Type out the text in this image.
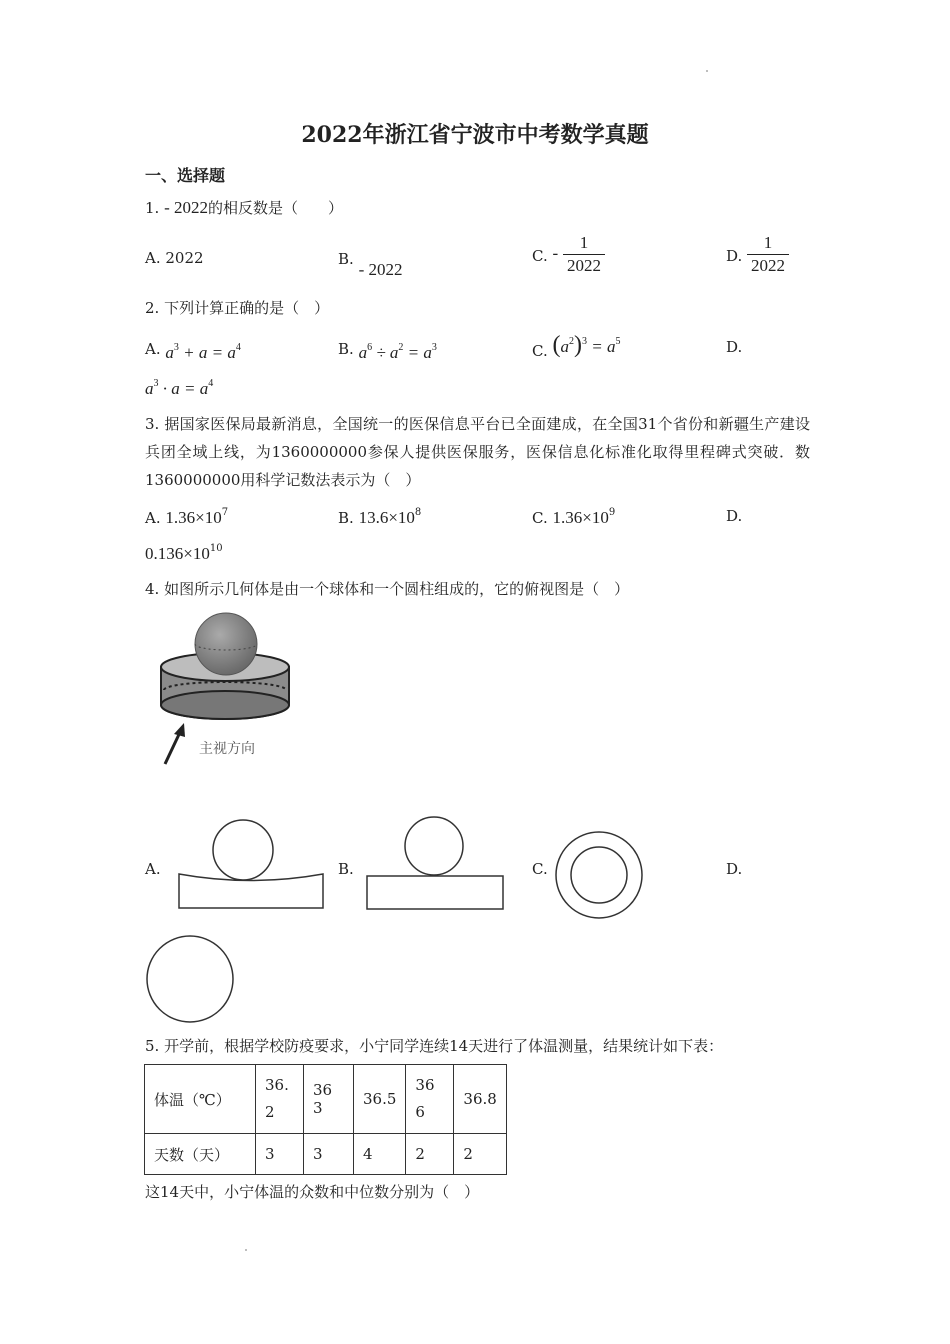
2022年浙江省宁波市中考数学真题
一、选择题
1. - 2022的相反数是（　　）
A. 2022	B. - 2022
C. - $\frac{1}{2022}$	D. $\frac{1}{2022}$
2. 下列计算正确的是（　）
A. $a^3 + a = a^4$	B. $a^6 \div a^2 = a^3$	C. $(a^2)^3 = a^5$	D.
$a^3 \cdot a = a^4$
3. 据国家医保局最新消息，全国统一的医保信息平台已全面建成，在全国31个省份和新疆生产建设兵团全域上线，为1360000000参保人提供医保服务，医保信息化标准化取得里程碑式突破．数1360000000用科学记数法表示为（　）
A. $1.36\times 10^7$	B. $13.6\times 10^8$	C. $1.36\times 10^9$	D.
$0.136\times 10^{10}$
4. 如图所示几何体是由一个球体和一个圆柱组成的，它的俯视图是（　）
主视方向
A.	B.	C.	D.
5. 开学前，根据学校防疫要求，小宁同学连续14天进行了体温测量，结果统计如下表：
体温（℃）	36.2	36 3	36.5	36 6	36.8
天数（天）	3	3	4	2	2
这14天中，小宁体温的众数和中位数分别为（　）
